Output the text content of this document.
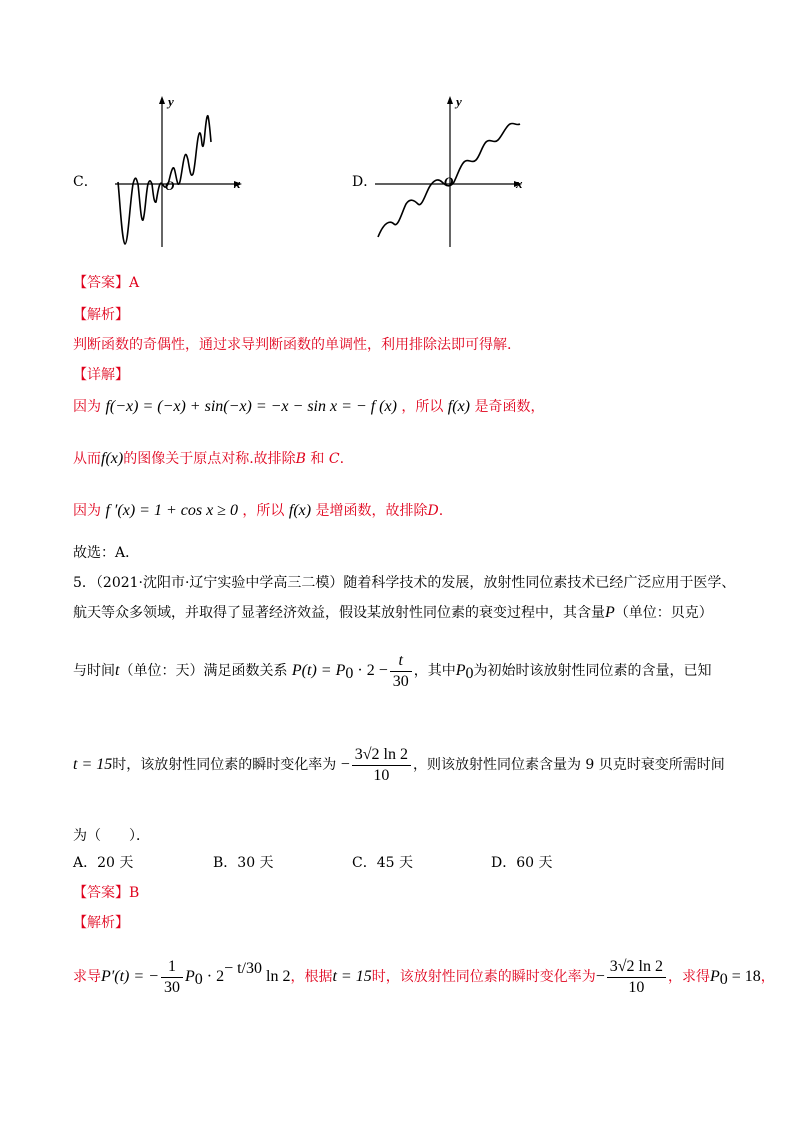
C．
y
x
O	D．
y
x
O
【答案】A
【解析】
判断函数的奇偶性，通过求导判断函数的单调性，利用排除法即可得解.
【详解】
因为 f(−x) = (−x) + sin(−x) = −x − sin x = − f (x) ，所以 f(x) 是奇函数，
从而f(x)的图像关于原点对称.故排除B 和 C.
因为 f ′(x) = 1 + cos x ≥ 0 ，所以 f(x) 是增函数，故排除D.
故选：A．
5．（2021·沈阳市·辽宁实验中学高三二模）随着科学技术的发展，放射性同位素技术已经广泛应用于医学、
航天等众多领域，并取得了显著经济效益，假设某放射性同位素的衰变过程中，其含量P（单位：贝克）
与时间t（单位：天）满足函数关系 $P(t) = P_0 \cdot 2 - \frac{t}{30}$ ，其中$P_0$为初始时该放射性同位素的含量，已知
t = 15时，该放射性同位素的瞬时变化率为 − $\frac{3√2 \ln 2}{10}$ ，则该放射性同位素含量为 9 贝克时衰变所需时间
为（　　）．
A．20 天	B．30 天	C．45 天	D．60 天
【答案】B
【解析】
求导P′(t) = − $\frac{1}{30} P_0 \cdot 2^{- t/30}$ ln 2，根据t = 15时，该放射性同位素的瞬时变化率为− $\frac{3√2 \ln 2}{10}$ ，求得$P_0 = 18$，
